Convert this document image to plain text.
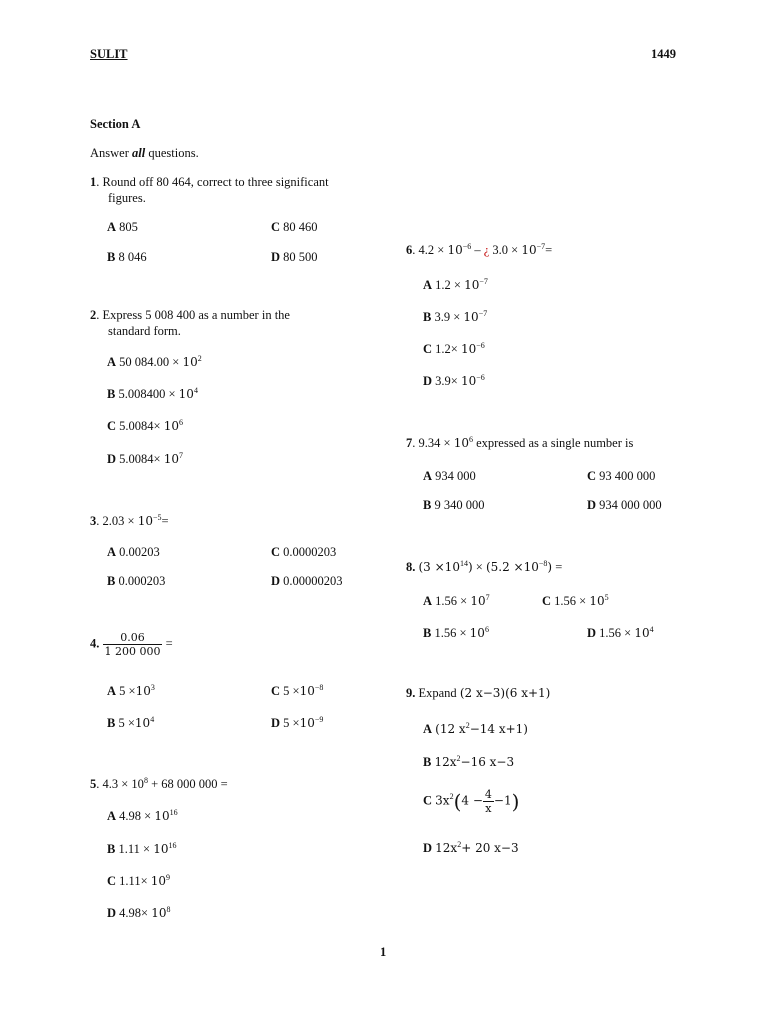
SULIT	1449
Section A
Answer all questions.
1. Round off 80 464, correct to three significant
figures.
A 805	C 80 460
B 8 046	D 80 500
2. Express 5 008 400 as a number in the
standard form.
A 50 $084.00 \times 10^2$
B $5.008400 \times 10^4$
C $5.0084\times 10^6$
D $5.0084\times 10^7$
3. $2.03 \times 10^{-5}=$
A 0.00203	C 0.0000203
B 0.000203	D 0.00000203
4. $\frac{0.06}{1 200 000}$ =
A $5 \times 10^3$	C $5 \times 10^{-8}$
B $5 \times 10^4$	D $5 \times 10^{-9}$
5. $4.3 \times 10^8 + 68$ 000 000 =
A $4.98 \times 10^{16}$
B $1.11 \times 10^{16}$
C $1.11\times 10^9$
D $4.98\times 10^8$
6. $4.2 \times 10^{-6}$ – ¿ $3.0 \times 10^{-7}=$
A $1.2 \times 10^{-7}$
B $3.9 \times 10^{-7}$
C $1.2\times 10^{-6}$
D $3.9\times 10^{-6}$
7. $9.34 \times 10^6$ expressed as a single number is
A 934 000	C 93 400 000
B 9 340 000	D 934 000 000
8. $(3 \times 10^{14}) \times (5.2 \times 10^{-8})$ =
A $1.56 \times 10^7$	C $1.56 \times 10^5$
B $1.56 \times 10^6$	D $1.56 \times 10^4$
9. Expand (2 x−3)(6 x+1)
A (12 $x^2-14$ x+1)
B $12x^2-16$ x−3
C $3x^2(4 - \frac{4}{x} -1)$
D $12x^2+ 20$ x−3
1
